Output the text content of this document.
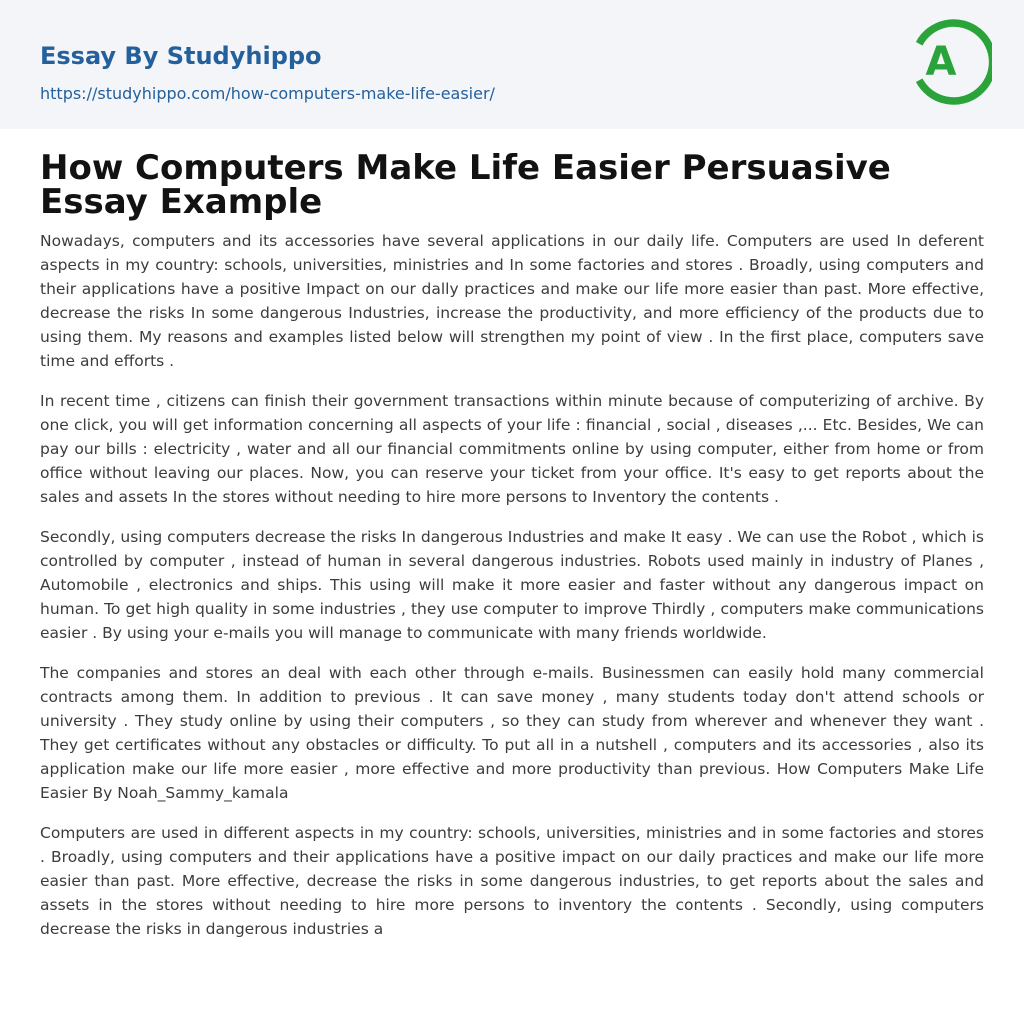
Essay By Studyhippo
https://studyhippo.com/how-computers-make-life-easier/
A
How Computers Make Life Easier Persuasive Essay Example

Nowadays, computers and its accessories have several applications in our daily life. Computers are used In deferent aspects in my country: schools, universities, ministries and In some factories and stores . Broadly, using computers and their applications have a positive Impact on our dally practices and make our life more easier than past. More effective, decrease the risks In some dangerous Industries, increase the productivity, and more efficiency of the products due to using them. My reasons and examples listed below will strengthen my point of view . In the first place, computers save time and efforts .

In recent time , citizens can finish their government transactions within minute because of computerizing of archive. By one click, you will get information concerning all aspects of your life : financial , social , diseases ,... Etc. Besides, We can pay our bills : electricity , water and all our financial commitments online by using computer, either from home or from office without leaving our places. Now, you can reserve your ticket from your office. It's easy to get reports about the sales and assets In the stores without needing to hire more persons to Inventory the contents .

Secondly, using computers decrease the risks In dangerous Industries and make It easy . We can use the Robot , which is controlled by computer , instead of human in several dangerous industries. Robots used mainly in industry of Planes , Automobile , electronics and ships. This using will make it more easier and faster without any dangerous impact on human. To get high quality in some industries , they use computer to improve Thirdly , computers make communications easier . By using your e-mails you will manage to communicate with many friends worldwide.

The companies and stores an deal with each other through e-mails. Businessmen can easily hold many commercial contracts among them. In addition to previous . It can save money , many students today don't attend schools or university . They study online by using their computers , so they can study from wherever and whenever they want . They get certificates without any obstacles or difficulty. To put all in a nutshell , computers and its accessories , also its application make our life more easier , more effective and more productivity than previous. How Computers Make Life Easier By Noah_Sammy_kamala

Computers are used in different aspects in my country: schools, universities, ministries and in some factories and stores . Broadly, using computers and their applications have a positive impact on our daily practices and make our life more easier than past. More effective, decrease the risks in some dangerous industries, to get reports about the sales and assets in the stores without needing to hire more persons to inventory the contents . Secondly, using computers decrease the risks in dangerous industries a
